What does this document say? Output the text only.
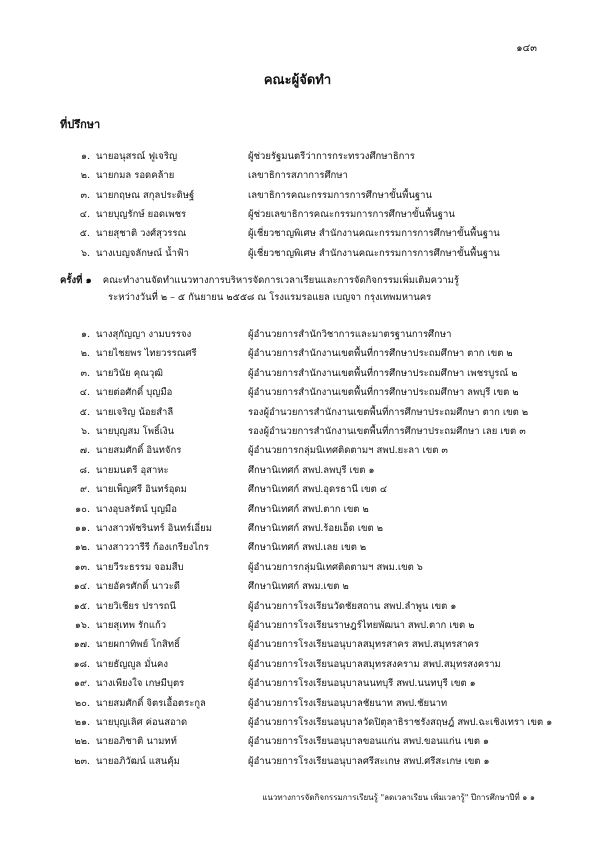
๑๔๓
คณะผู้จัดทำ
ที่ปรึกษา
๑. นายอนุสรณ์ ฟูเจริญ	ผู้ช่วยรัฐมนตรีว่าการกระทรวงศึกษาธิการ
๒. นายกมล รอดคล้าย	เลขาธิการสภาการศึกษา
๓. นายกฤษณ สกุลประดิษฐ์	เลขาธิการคณะกรรมการการศึกษาขั้นพื้นฐาน
๔. นายบุญรักษ์ ยอดเพชร	ผู้ช่วยเลขาธิการคณะกรรมการการศึกษาขั้นพื้นฐาน
๕. นายสุชาติ วงศ์สุวรรณ	ผู้เชี่ยวชาญพิเศษ สำนักงานคณะกรรมการการศึกษาขั้นพื้นฐาน
๖. นางเบญจลักษณ์ น้ำฟ้า	ผู้เชี่ยวชาญพิเศษ สำนักงานคณะกรรมการการศึกษาขั้นพื้นฐาน
ครั้งที่ ๑ คณะทำงานจัดทำแนวทางการบริหารจัดการเวลาเรียนและการจัดกิจกรรมเพิ่มเติมความรู้
ระหว่างวันที่ ๒ – ๕ กันยายน ๒๕๕๘ ณ โรงแรมรอแยล เบญจา กรุงเทพมหานคร
๑. นางสุกัญญา งามบรรจง	ผู้อำนวยการสำนักวิชาการและมาตรฐานการศึกษา
๒. นายไชยพร ไทยวรรณศรี	ผู้อำนวยการสำนักงานเขตพื้นที่การศึกษาประถมศึกษา ตาก เขต ๒
๓. นายวินัย คุณวุฒิ	ผู้อำนวยการสำนักงานเขตพื้นที่การศึกษาประถมศึกษา เพชรบูรณ์ ๒
๔. นายต่อศักดิ์ บุญมือ	ผู้อำนวยการสำนักงานเขตพื้นที่การศึกษาประถมศึกษา ลพบุรี เขต ๒
๕. นายเจริญ น้อยสำลี	รองผู้อำนวยการสำนักงานเขตพื้นที่การศึกษาประถมศึกษา ตาก เขต ๒
๖. นายบุญสม โพธิ์เงิน	รองผู้อำนวยการสำนักงานเขตพื้นที่การศึกษาประถมศึกษา เลย เขต ๓
๗. นายสมศักดิ์ อินทจักร	ผู้อำนวยการกลุ่มนิเทศติดตามฯ สพป.ยะลา เขต ๓
๘. นายมนตรี อุสาหะ	ศึกษานิเทศก์ สพป.ลพบุรี เขต ๑
๙. นายเพ็ญศรี อินทร์อุดม	ศึกษานิเทศก์ สพป.อุดรธานี เขต ๔
๑๐. นางอุบลรัตน์ บุญมือ	ศึกษานิเทศก์ สพป.ตาก เขต ๒
๑๑. นางสาวพัชรินทร์ อินทร์เอี่ยม	ศึกษานิเทศก์ สพป.ร้อยเอ็ด เขต ๒
๑๒. นางสาววารีรี ก้องเกรียงไกร	ศึกษานิเทศก์ สพป.เลย เขต ๒
๑๓. นายวีระธรรม จอมสืบ	ผู้อำนวยการกลุ่มนิเทศติดตามฯ สพม.เขต ๖
๑๔. นายอัครศักดิ์ นาวะดี	ศึกษานิเทศก์ สพม.เขต ๒
๑๕. นายวิเชียร ปรารถนี	ผู้อำนวยการโรงเรียนวัดชัยสถาน สพป.ลำพูน เขต ๑
๑๖. นายสุเทพ รักแก้ว	ผู้อำนวยการโรงเรียนราษฎร์ไทยพัฒนา สพป.ตาก เขต ๒
๑๗. นายผกาทิพย์ โกสิทธิ์	ผู้อำนวยการโรงเรียนอนุบาลสมุทรสาคร สพป.สมุทรสาคร
๑๘. นายธัญญูล มั่นคง	ผู้อำนวยการโรงเรียนอนุบาลสมุทรสงคราม สพป.สมุทรสงคราม
๑๙. นางเพียงใจ เกษมีบุตร	ผู้อำนวยการโรงเรียนอนุบาลนนทบุรี สพป.นนทบุรี เขต ๑
๒๐. นายสมศักดิ์ จิตรเอื้อตระกูล	ผู้อำนวยการโรงเรียนอนุบาลชัยนาท สพป.ชัยนาท
๒๑. นายบุญเลิศ ค่อนสอาด	ผู้อำนวยการโรงเรียนอนุบาลวัดปิตุลาธิราชรังสฤษฎ์ สพป.ฉะเชิงเทรา เขต ๑
๒๒. นายอภิชาติ นามทท์	ผู้อำนวยการโรงเรียนอนุบาลขอนแก่น สพป.ขอนแก่น เขต ๑
๒๓. นายอภิวัฒน์ แสนคุ้ม	ผู้อำนวยการโรงเรียนอนุบาลศรีสะเกษ สพป.ศรีสะเกษ เขต ๑
แนวทางการจัดกิจกรรมการเรียนรู้ "ลดเวลาเรียน เพิ่มเวลารู้" ปีการศึกษาปีที่ ๑ ๑
